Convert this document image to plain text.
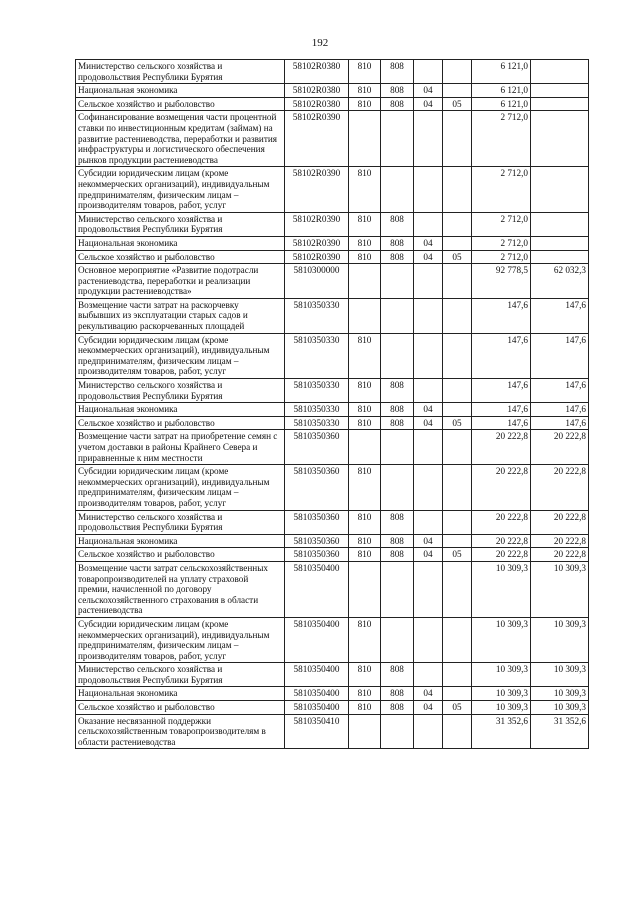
192
Министерство сельского хозяйства и продовольствия Республики Бурятия	58102R0380	810	808			6 121,0	
Национальная экономика	58102R0380	810	808	04		6 121,0	
Сельское хозяйство и рыболовство	58102R0380	810	808	04	05	6 121,0	
Софинансирование возмещения части процентной ставки по инвестиционным кредитам (займам) на развитие растениеводства, переработки и развития инфраструктуры и логистического обеспечения рынков продукции растениеводства	58102R0390					2 712,0	
Субсидии юридическим лицам (кроме некоммерческих организаций), индивидуальным предпринимателям, физическим лицам – производителям товаров, работ, услуг	58102R0390	810				2 712,0	
Министерство сельского хозяйства и продовольствия Республики Бурятия	58102R0390	810	808			2 712,0	
Национальная экономика	58102R0390	810	808	04		2 712,0	
Сельское хозяйство и рыболовство	58102R0390	810	808	04	05	2 712,0	
Основное мероприятие «Развитие подотрасли растениеводства, переработки и реализации продукции растениеводства»	5810300000					92 778,5	62 032,3
Возмещение части затрат на раскорчевку выбывших из эксплуатации старых садов и рекультивацию раскорчеванных площадей	5810350330					147,6	147,6
Субсидии юридическим лицам (кроме некоммерческих организаций), индивидуальным предпринимателям, физическим лицам – производителям товаров, работ, услуг	5810350330	810				147,6	147,6
Министерство сельского хозяйства и продовольствия Республики Бурятия	5810350330	810	808			147,6	147,6
Национальная экономика	5810350330	810	808	04		147,6	147,6
Сельское хозяйство и рыболовство	5810350330	810	808	04	05	147,6	147,6
Возмещение части затрат на приобретение семян с учетом доставки в районы Крайнего Севера и приравненные к ним местности	5810350360					20 222,8	20 222,8
Субсидии юридическим лицам (кроме некоммерческих организаций), индивидуальным предпринимателям, физическим лицам – производителям товаров, работ, услуг	5810350360	810				20 222,8	20 222,8
Министерство сельского хозяйства и продовольствия Республики Бурятия	5810350360	810	808			20 222,8	20 222,8
Национальная экономика	5810350360	810	808	04		20 222,8	20 222,8
Сельское хозяйство и рыболовство	5810350360	810	808	04	05	20 222,8	20 222,8
Возмещение части затрат сельскохозяйственных товаропроизводителей на уплату страховой премии, начисленной по договору сельскохозяйственного страхования в области растениеводства	5810350400					10 309,3	10 309,3
Субсидии юридическим лицам (кроме некоммерческих организаций), индивидуальным предпринимателям, физическим лицам – производителям товаров, работ, услуг	5810350400	810				10 309,3	10 309,3
Министерство сельского хозяйства и продовольствия Республики Бурятия	5810350400	810	808			10 309,3	10 309,3
Национальная экономика	5810350400	810	808	04		10 309,3	10 309,3
Сельское хозяйство и рыболовство	5810350400	810	808	04	05	10 309,3	10 309,3
Оказание несвязанной поддержки сельскохозяйственным товаропроизводителям в области растениеводства	5810350410					31 352,6	31 352,6
